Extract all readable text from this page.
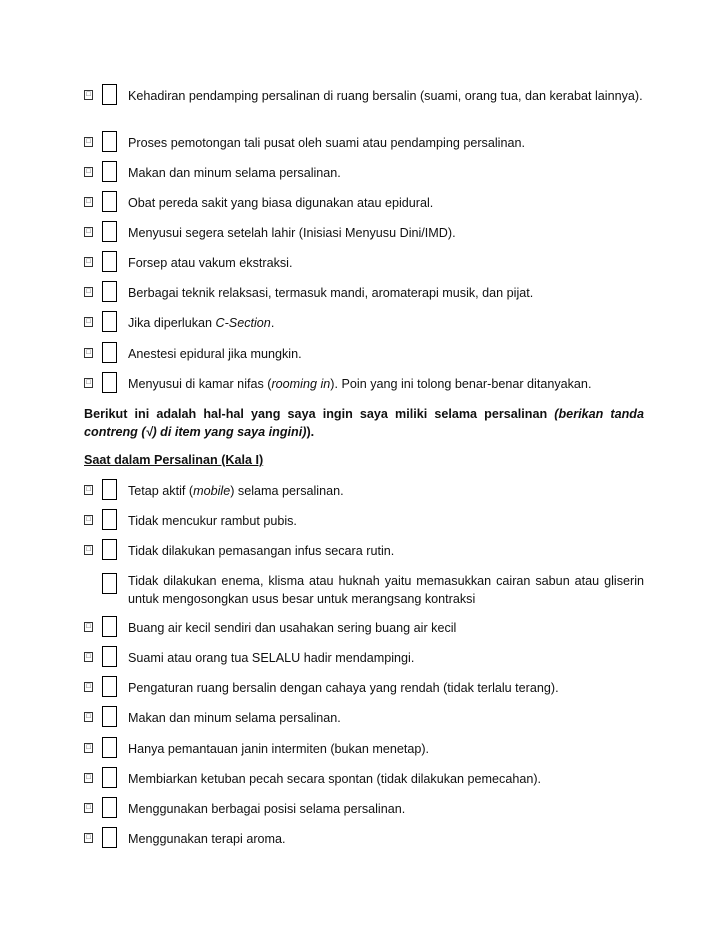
□	Kehadiran pendamping persalinan di ruang bersalin (suami, orang tua, dan kerabat lainnya).
□	Proses pemotongan tali pusat oleh suami atau pendamping persalinan.
□	Makan dan minum selama persalinan.
□	Obat pereda sakit yang biasa digunakan atau epidural.
□	Menyusui segera setelah lahir (Inisiasi Menyusu Dini/IMD).
□	Forsep atau vakum ekstraksi.
□	Berbagai teknik relaksasi, termasuk mandi, aromaterapi musik, dan pijat.
□	Jika diperlukan C-Section.
□	Anestesi epidural jika mungkin.
□	Menyusui di kamar nifas (rooming in). Poin yang ini tolong benar-benar ditanyakan.
Berikut ini adalah hal-hal yang saya ingin saya miliki selama persalinan (berikan tanda contreng (√) di item yang saya ingini)).
Saat dalam Persalinan (Kala I)
□	Tetap aktif (mobile) selama persalinan.
□	Tidak mencukur rambut pubis.
□	Tidak dilakukan pemasangan infus secara rutin.
Tidak dilakukan enema, klisma atau huknah yaitu memasukkan cairan sabun atau gliserin untuk mengosongkan usus besar untuk merangsang kontraksi
□	Buang air kecil sendiri dan usahakan sering buang air kecil
□	Suami atau orang tua SELALU hadir mendampingi.
□	Pengaturan ruang bersalin dengan cahaya yang rendah (tidak terlalu terang).
□	Makan dan minum selama persalinan.
□	Hanya pemantauan janin intermiten (bukan menetap).
□	Membiarkan ketuban pecah secara spontan (tidak dilakukan pemecahan).
□	Menggunakan berbagai posisi selama persalinan.
□	Menggunakan terapi aroma.
